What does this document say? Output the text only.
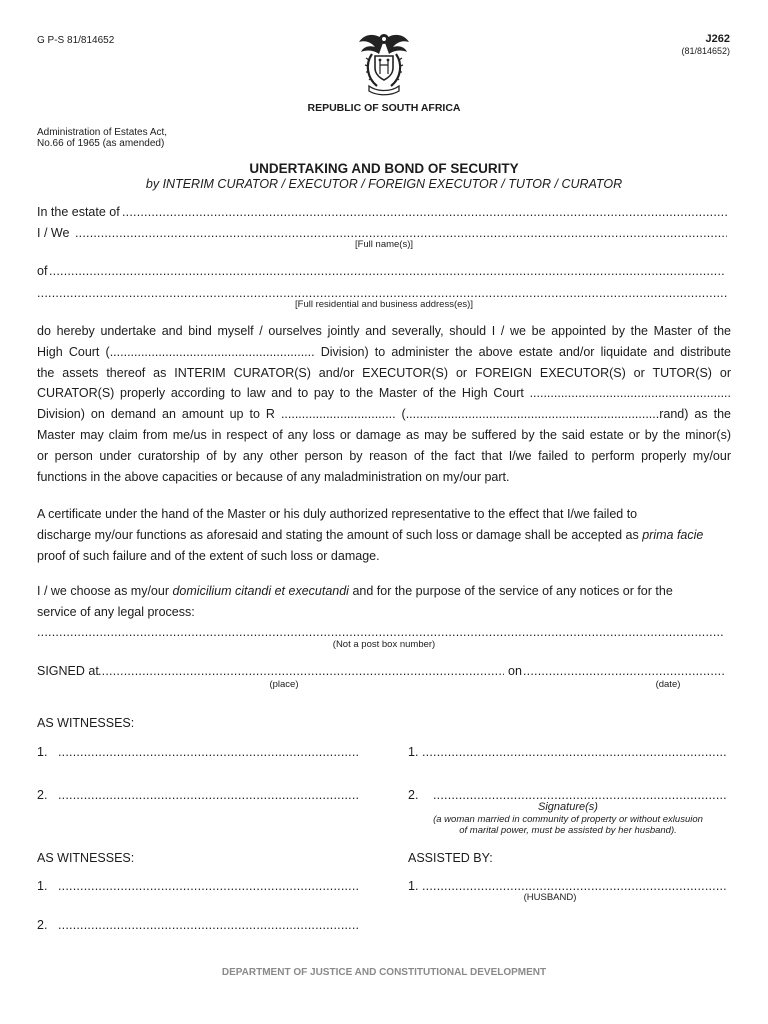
G P-S 81/814652	J262
(81/814652)
REPUBLIC OF SOUTH AFRICA
Administration of Estates Act,
No.66 of 1965 (as amended)
UNDERTAKING AND BOND OF SECURITY
by INTERIM CURATOR / EXECUTOR / FOREIGN EXECUTOR / TUTOR / CURATOR
In the estate of
.....
I / We
.....
[Full name(s)]
of
.....
.....
[Full residential and business address(es)]
do hereby undertake and bind myself / ourselves jointly and severally, should I / we be appointed by the Master of the
High Court (........................................................... Division) to administer the above estate and/or liquidate and distribute
the assets thereof as INTERIM CURATOR(S) and/or EXECUTOR(S) or FOREIGN EXECUTOR(S) or TUTOR(S) or
CURATOR(S) properly according to law and to pay to the Master of the High Court ..........................................................
Division) on demand an amount up to R ................................. (.........................................................................rand) as the
Master may claim from me/us in respect of any loss or damage as may be suffered by the said estate or by the minor(s)
or person under curatorship of by any other person by reason of the fact that I/we failed to perform properly my/our
functions in the above capacities or because of any maladministration on my/our part.
A certificate under the hand of the Master or his duly authorized representative to the effect that I/we failed to
discharge my/our functions as aforesaid and stating the amount of such loss or damage shall be accepted as prima facie
proof of such failure and of the extent of such loss or damage.
I / we choose as my/our domicilium citandi et executandi and for the purpose of the service of any notices or for the
service of any legal process:
.....
(Not a post box number)
SIGNED at
.....	on
.....
(place)	(date)
AS WITNESSES:
1.
.....
2.
.....
1.
.....
2.
.....
Signature(s)
(a woman married in community of property or without exlusuion
of marital power, must be assisted by her husband).
AS WITNESSES:
1.
.....
2.
.....
ASSISTED BY:
1.
.....
(HUSBAND)
DEPARTMENT OF JUSTICE AND CONSTITUTIONAL DEVELOPMENT
